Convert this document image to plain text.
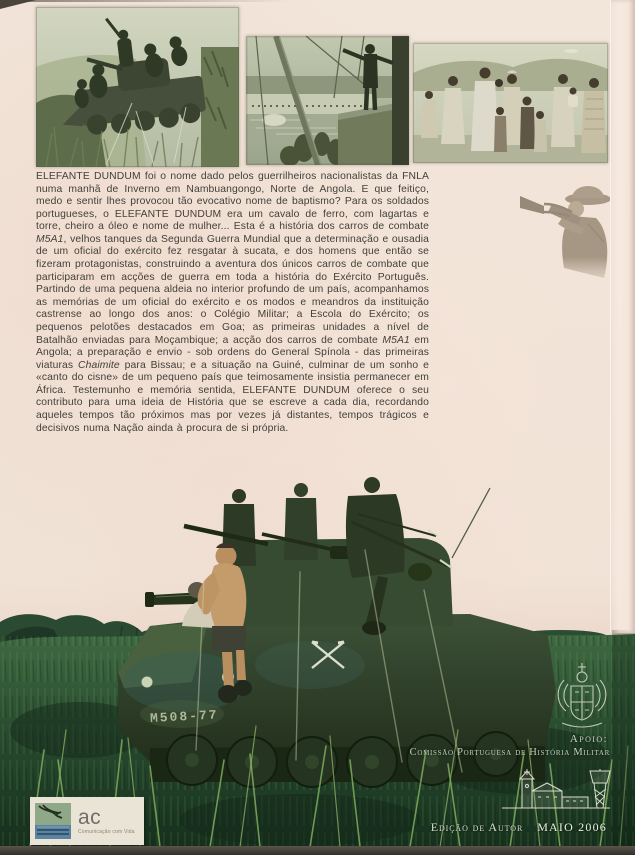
ELEFANTE DUNDUM foi o nome dado pelos guerrilheiros nacionalistas da FNLA numa manhã de Inverno em Nambuangongo, Norte de Angola. E que feitiço, medo e sentir lhes provocou tão evocativo nome de baptismo? Para os soldados portugueses, o ELEFANTE DUNDUM era um cavalo de ferro, com lagartas e torre, cheiro a óleo e nome de mulher... Esta é a história dos carros de combate M5A1, velhos tanques da Segunda Guerra Mundial que a determinação e ousadia de um oficial do exército fez resgatar à sucata, e dos homens que então se fizeram protagonistas, construindo a aventura dos únicos carros de combate que participaram em acções de guerra em toda a história do Exército Português. Partindo de uma pequena aldeia no interior profundo de um país, acompanhamos as memórias de um oficial do exército e os modos e meandros da instituição castrense ao longo dos anos: o Colégio Militar; a Escola do Exército; os pequenos pelotões destacados em Goa; as primeiras unidades a nível de Batalhão enviadas para Moçambique; a acção dos carros de combate M5A1 em Angola; a preparação e envio - sob ordens do General Spínola - das primeiras viaturas Chaimite para Bissau; e a situação na Guiné, culminar de um sonho e «canto do cisne» de um pequeno país que teimosamente insistia permanecer em África. Testemunho e memória sentida, ELEFANTE DUNDUM oferece o seu contributo para uma ideia de História que se escreve a cada dia, recordando aqueles tempos tão próximos mas por vezes já distantes, tempos trágicos e decisivos numa Nação ainda à procura de si própria.

M508-77
Apoio:
Comissão Portuguesa de História Militar
Edição de Autor MAIO 2006
ac
Comunicação com Vida
